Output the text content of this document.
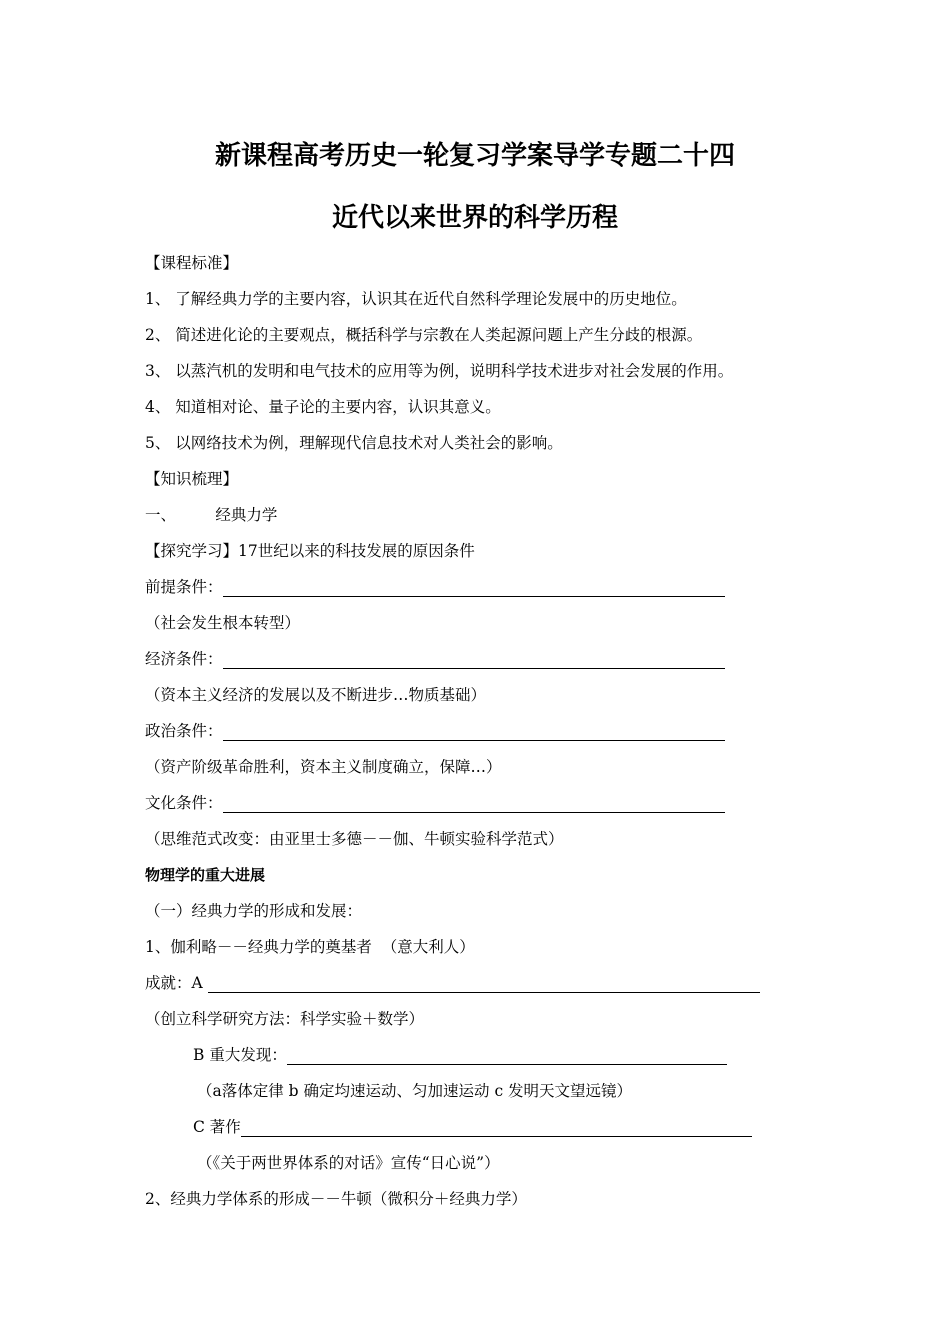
新课程高考历史一轮复习学案导学专题二十四
近代以来世界的科学历程
【课程标准】
1、 了解经典力学的主要内容，认识其在近代自然科学理论发展中的历史地位。
2、 简述进化论的主要观点，概括科学与宗教在人类起源问题上产生分歧的根源。
3、 以蒸汽机的发明和电气技术的应用等为例，说明科学技术进步对社会发展的作用。
4、 知道相对论、量子论的主要内容，认识其意义。
5、 以网络技术为例，理解现代信息技术对人类社会的影响。
【知识梳理】
一、        经典力学
【探究学习】17世纪以来的科技发展的原因条件
前提条件：
（社会发生根本转型）
经济条件：
（资本主义经济的发展以及不断进步…物质基础）
政治条件：
（资产阶级革命胜利，资本主义制度确立，保障…）
文化条件：
（思维范式改变：由亚里士多德－－伽、牛顿实验科学范式）
物理学的重大进展
（一）经典力学的形成和发展：
1、伽利略－－经典力学的奠基者  （意大利人）
成就：A
（创立科学研究方法：科学实验＋数学）
B 重大发现：
（a落体定律 b 确定均速运动、匀加速运动 c 发明天文望远镜）
C 著作
（《关于两世界体系的对话》宣传“日心说”）
2、经典力学体系的形成－－牛顿（微积分＋经典力学）
